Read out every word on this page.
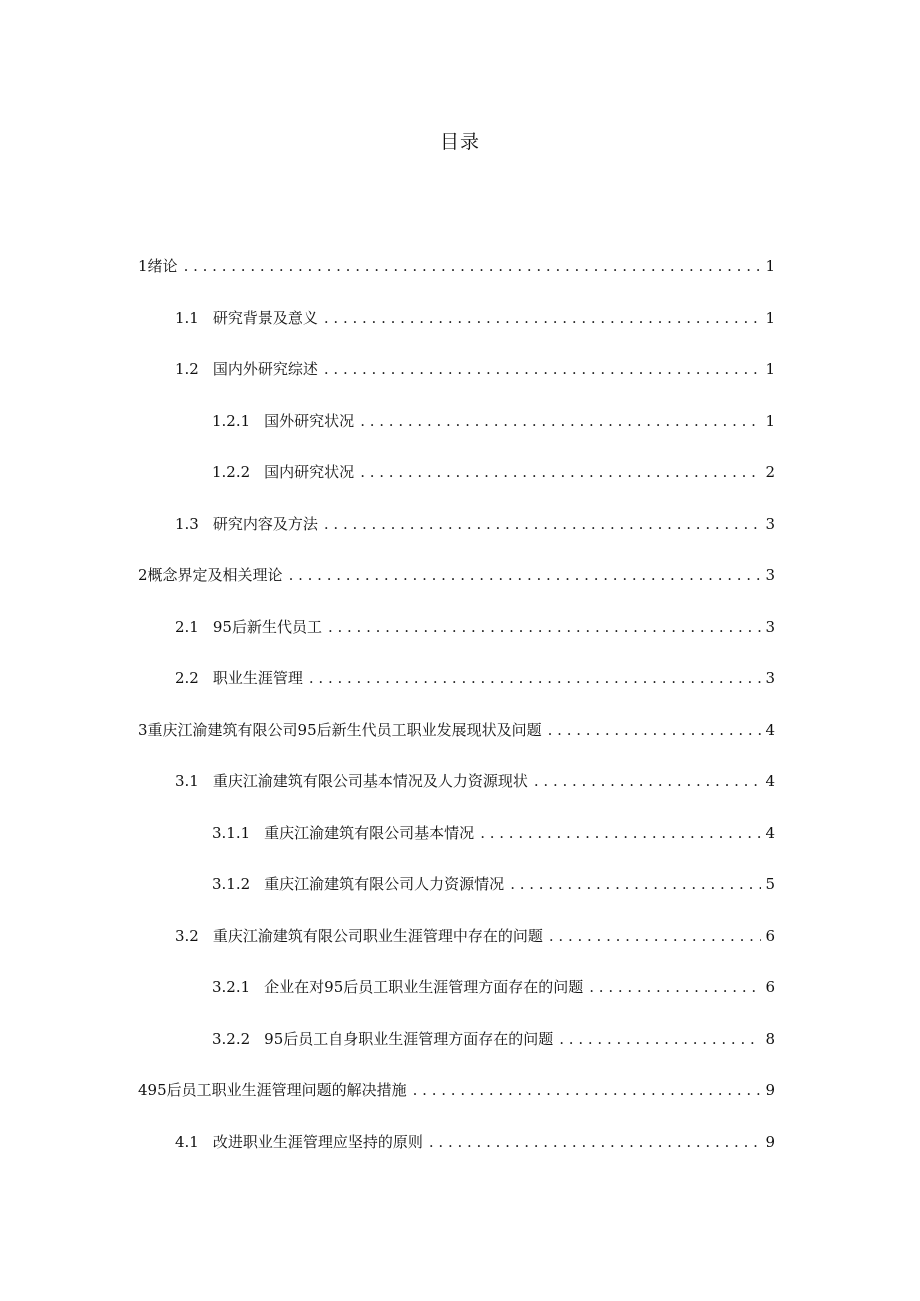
目录
1 绪论 . . .	1
1.1 研究背景及意义 . . .	1
1.2 国内外研究综述 . . .	1
1.2.1 国外研究状况 . . .	1
1.2.2 国内研究状况 . . .	2
1.3 研究内容及方法 . . .	3
2 概念界定及相关理论 . . .	3
2.1 95后新生代员工 . . .	3
2.2 职业生涯管理 . . .	3
3 重庆江渝建筑有限公司95后新生代员工职业发展现状及问题 . . .	4
3.1 重庆江渝建筑有限公司基本情况及人力资源现状 . . .	4
3.1.1 重庆江渝建筑有限公司基本情况 . . .	4
3.1.2 重庆江渝建筑有限公司人力资源情况 . . .	5
3.2 重庆江渝建筑有限公司职业生涯管理中存在的问题 . . .	6
3.2.1 企业在对95后员工职业生涯管理方面存在的问题 . . .	6
3.2.2 95后员工自身职业生涯管理方面存在的问题 . . .	8
4 95后员工职业生涯管理问题的解决措施 . . .	9
4.1 改进职业生涯管理应坚持的原则 . . .	9
